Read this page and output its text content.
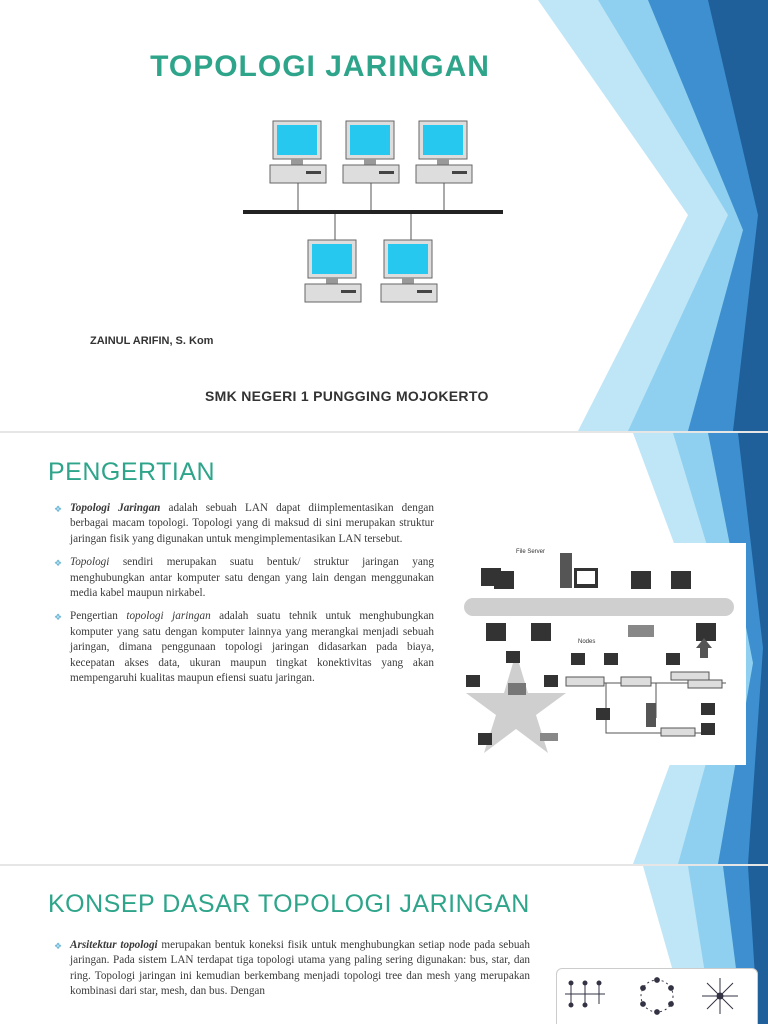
TOPOLOGI JARINGAN
ZAINUL ARIFIN, S. Kom
SMK NEGERI 1 PUNGGING MOJOKERTO
PENGERTIAN
❖ Topologi Jaringan adalah sebuah LAN dapat diimplementasikan dengan berbagai macam topologi. Topologi yang di maksud di sini merupakan struktur jaringan fisik yang digunakan untuk mengimplementasikan LAN tersebut.
❖ Topologi sendiri merupakan suatu bentuk/ struktur jaringan yang menghubungkan antar komputer satu dengan yang lain dengan menggunakan media kabel maupun nirkabel.
❖ Pengertian topologi jaringan adalah suatu tehnik untuk menghubungkan komputer yang satu dengan komputer lainnya yang merangkai menjadi sebuah jaringan, dimana penggunaan topologi jaringan didasarkan pada biaya, kecepatan akses data, ukuran maupun tingkat konektivitas yang akan mempengaruhi kualitas maupun efiensi suatu jaringan.
File Server
Nodes
KONSEP DASAR TOPOLOGI JARINGAN
❖ Arsitektur topologi merupakan bentuk koneksi fisik untuk menghubungkan setiap node pada sebuah jaringan. Pada sistem LAN terdapat tiga topologi utama yang paling sering digunakan: bus, star, dan ring. Topologi jaringan ini kemudian berkembang menjadi topologi tree dan mesh yang merupakan kombinasi dari star, mesh, dan bus. Dengan
